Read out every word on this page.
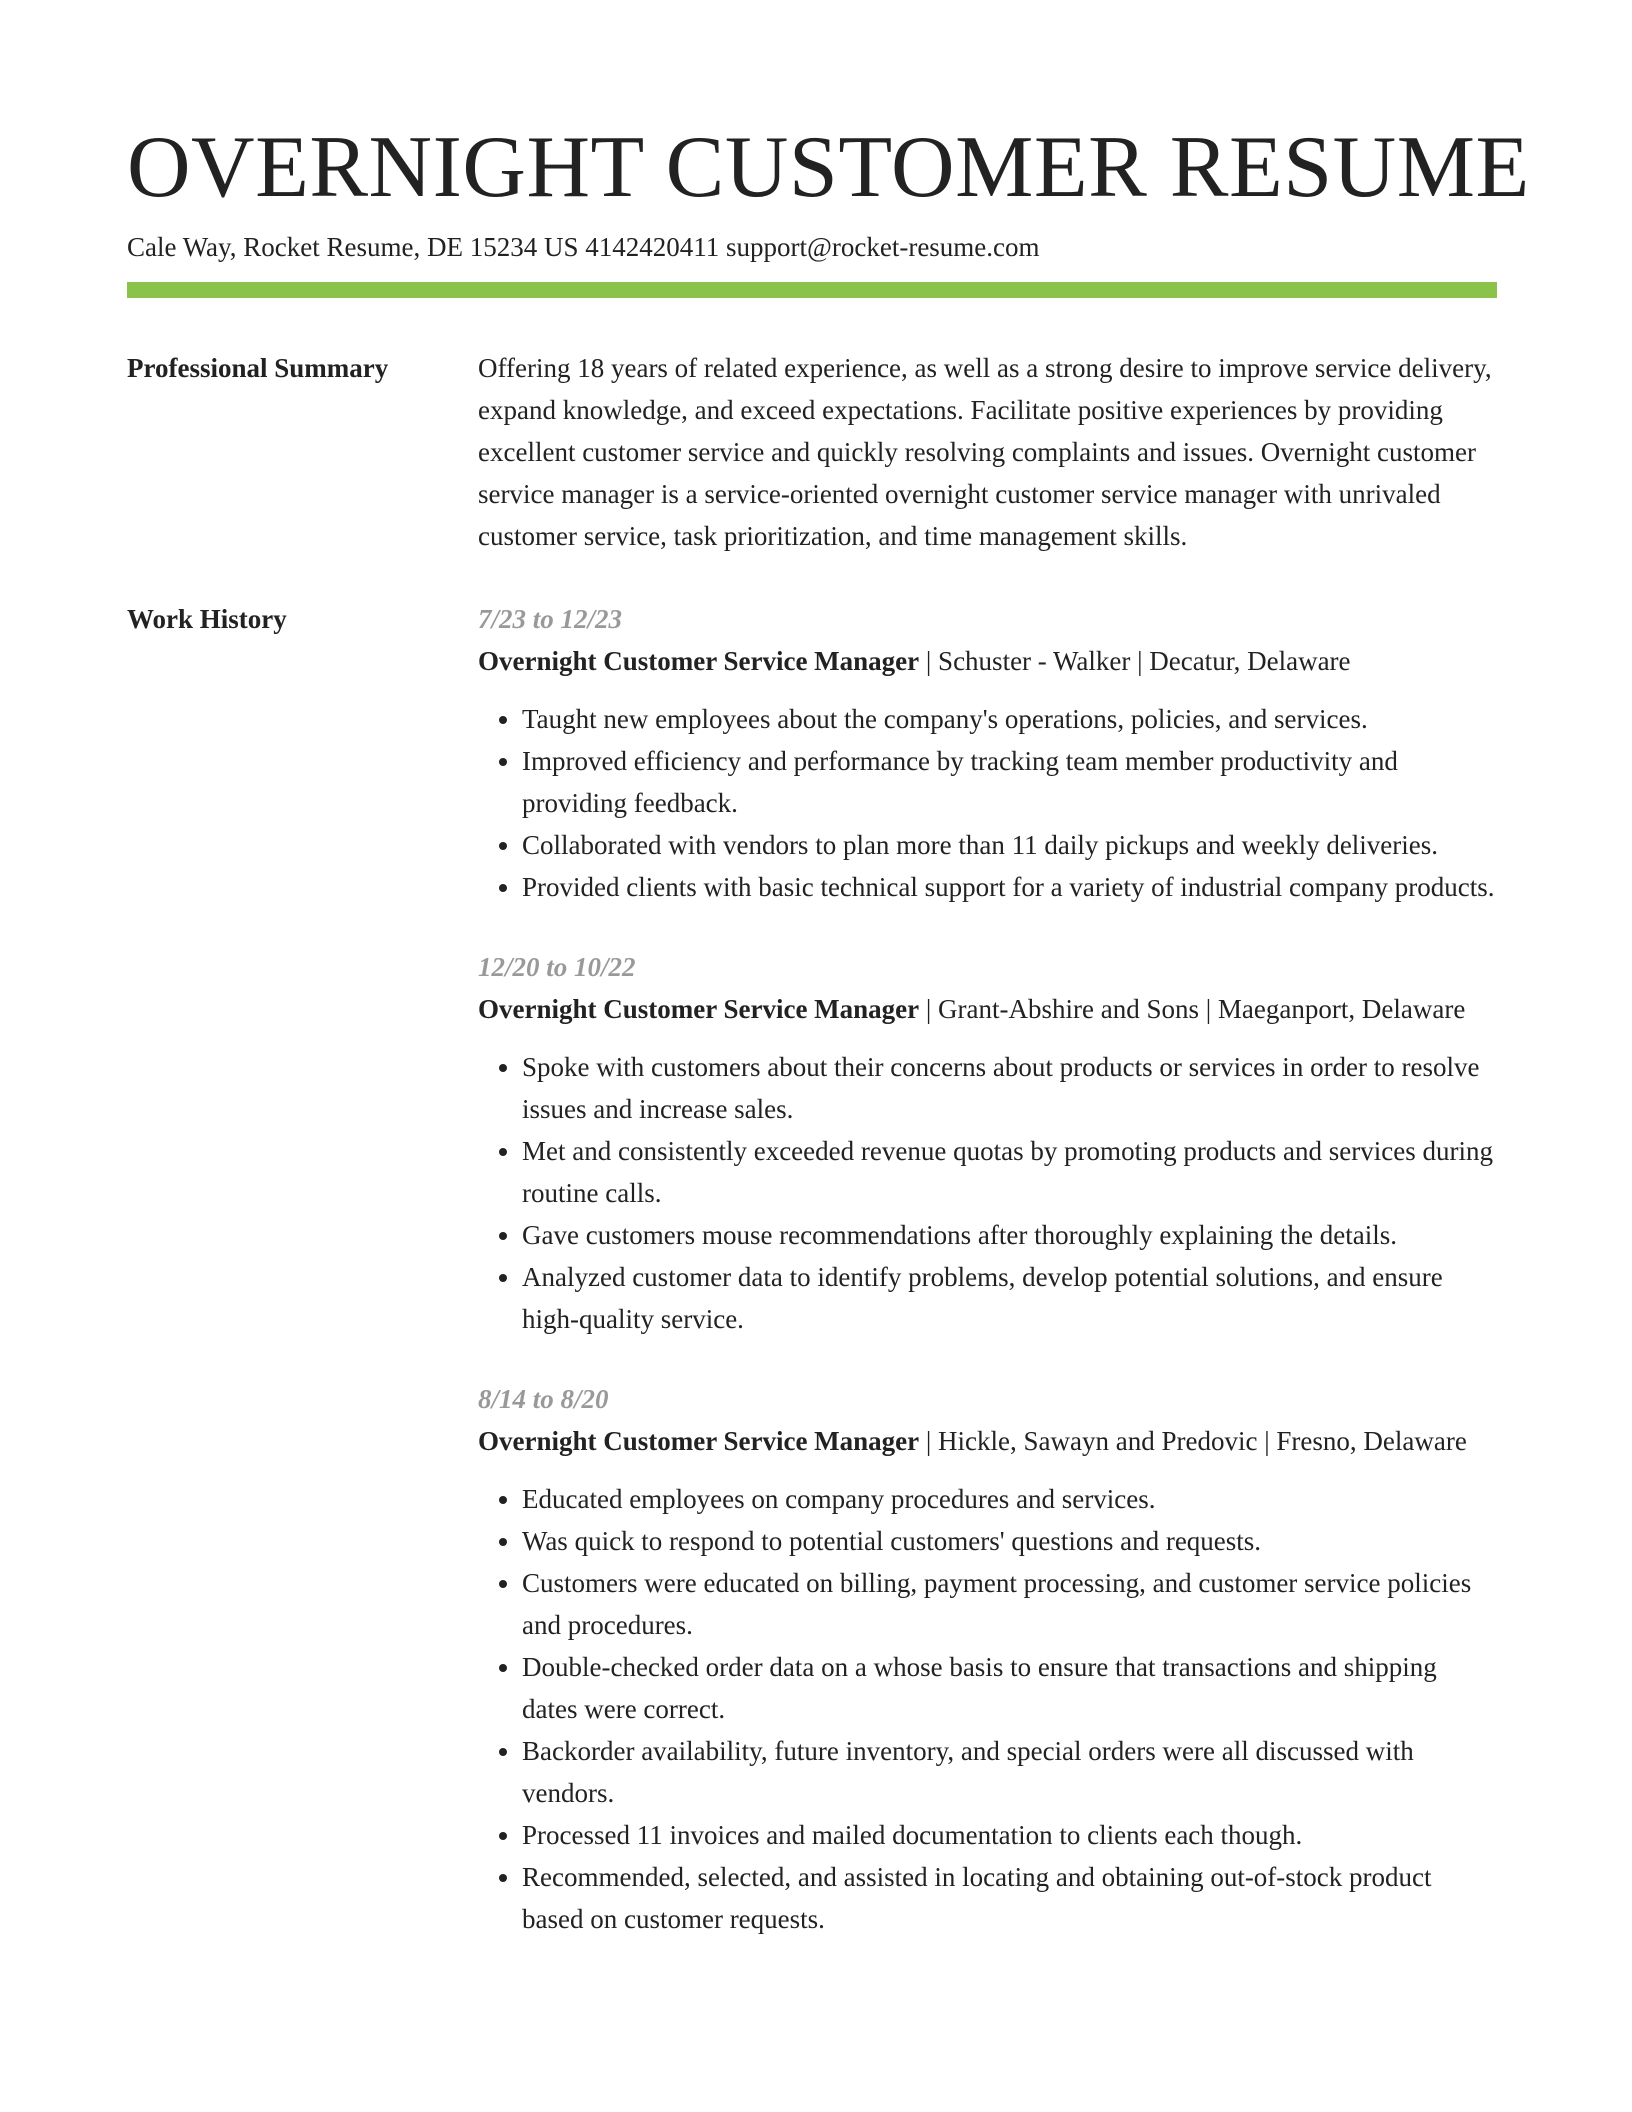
OVERNIGHT CUSTOMER RESUME
Cale Way, Rocket Resume, DE 15234 US 4142420411 support@rocket-resume.com
Professional Summary	Offering 18 years of related experience, as well as a strong desire to improve service delivery, expand knowledge, and exceed expectations. Facilitate positive experiences by providing excellent customer service and quickly resolving complaints and issues. Overnight customer service manager is a service-oriented overnight customer service manager with unrivaled customer service, task prioritization, and time management skills.
Work History	7/23 to 12/23
Overnight Customer Service Manager | Schuster - Walker | Decatur, Delaware
• Taught new employees about the company's operations, policies, and services.
• Improved efficiency and performance by tracking team member productivity and providing feedback.
• Collaborated with vendors to plan more than 11 daily pickups and weekly deliveries.
• Provided clients with basic technical support for a variety of industrial company products.
12/20 to 10/22
Overnight Customer Service Manager | Grant-Abshire and Sons | Maeganport, Delaware
• Spoke with customers about their concerns about products or services in order to resolve issues and increase sales.
• Met and consistently exceeded revenue quotas by promoting products and services during routine calls.
• Gave customers mouse recommendations after thoroughly explaining the details.
• Analyzed customer data to identify problems, develop potential solutions, and ensure high-quality service.
8/14 to 8/20
Overnight Customer Service Manager | Hickle, Sawayn and Predovic | Fresno, Delaware
• Educated employees on company procedures and services.
• Was quick to respond to potential customers' questions and requests.
• Customers were educated on billing, payment processing, and customer service policies and procedures.
• Double-checked order data on a whose basis to ensure that transactions and shipping dates were correct.
• Backorder availability, future inventory, and special orders were all discussed with vendors.
• Processed 11 invoices and mailed documentation to clients each though.
• Recommended, selected, and assisted in locating and obtaining out-of-stock product based on customer requests.
